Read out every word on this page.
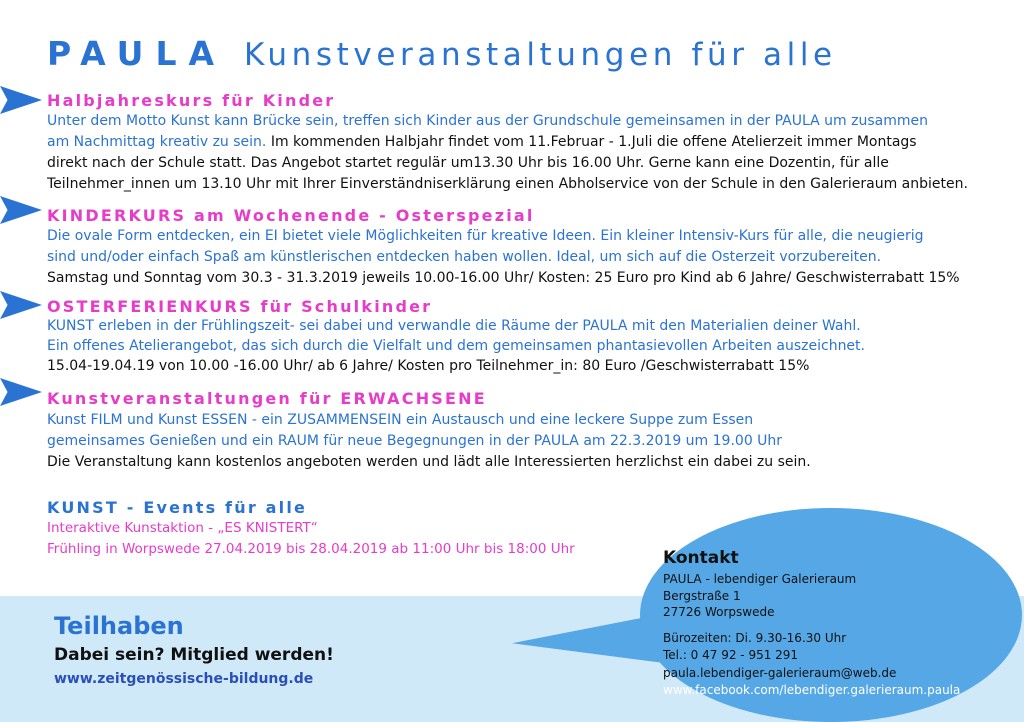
PAULA Kunstveranstaltungen für alle
Halbjahreskurs für Kinder
Unter dem Motto Kunst kann Brücke sein, treffen sich Kinder aus der Grundschule gemeinsamen in der PAULA um zusammen
am Nachmittag kreativ zu sein. Im kommenden Halbjahr findet vom 11.Februar - 1.Juli die offene Atelierzeit immer Montags
direkt nach der Schule statt. Das Angebot startet regulär um13.30 Uhr bis 16.00 Uhr. Gerne kann eine Dozentin, für alle
Teilnehmer_innen um 13.10 Uhr mit Ihrer Einverständniserklärung einen Abholservice von der Schule in den Galerieraum anbieten.
KINDERKURS am Wochenende - Osterspezial
Die ovale Form entdecken, ein EI bietet viele Möglichkeiten für kreative Ideen. Ein kleiner Intensiv-Kurs für alle, die neugierig
sind und/oder einfach Spaß am künstlerischen entdecken haben wollen. Ideal, um sich auf die Osterzeit vorzubereiten.
Samstag und Sonntag vom 30.3 - 31.3.2019 jeweils 10.00-16.00 Uhr/ Kosten: 25 Euro pro Kind ab 6 Jahre/ Geschwisterrabatt 15%
OSTERFERIENKURS für Schulkinder
KUNST erleben in der Frühlingszeit- sei dabei und verwandle die Räume der PAULA mit den Materialien deiner Wahl.
Ein offenes Atelierangebot, das sich durch die Vielfalt und dem gemeinsamen phantasievollen Arbeiten auszeichnet.
15.04-19.04.19 von 10.00 -16.00 Uhr/ ab 6 Jahre/ Kosten pro Teilnehmer_in: 80 Euro /Geschwisterrabatt 15%
Kunstveranstaltungen für ERWACHSENE
Kunst FILM und Kunst ESSEN - ein ZUSAMMENSEIN ein Austausch und eine leckere Suppe zum Essen
gemeinsames Genießen und ein RAUM für neue Begegnungen in der PAULA am 22.3.2019 um 19.00 Uhr
Die Veranstaltung kann kostenlos angeboten werden und lädt alle Interessierten herzlichst ein dabei zu sein.
KUNST - Events für alle
Interaktive Kunstaktion - „ES KNISTERT“
Frühling in Worpswede 27.04.2019 bis 28.04.2019 ab 11:00 Uhr bis 18:00 Uhr	Kontakt
PAULA - lebendiger Galerieraum
Bergstraße 1
27726 Worpswede
Bürozeiten: Di. 9.30-16.30 Uhr
Tel.: 0 47 92 - 951 291
paula.lebendiger-galerieraum@web.de
www.facebook.com/lebendiger.galerieraum.paula
Teilhaben
Dabei sein? Mitglied werden!
www.zeitgenössische-bildung.de
